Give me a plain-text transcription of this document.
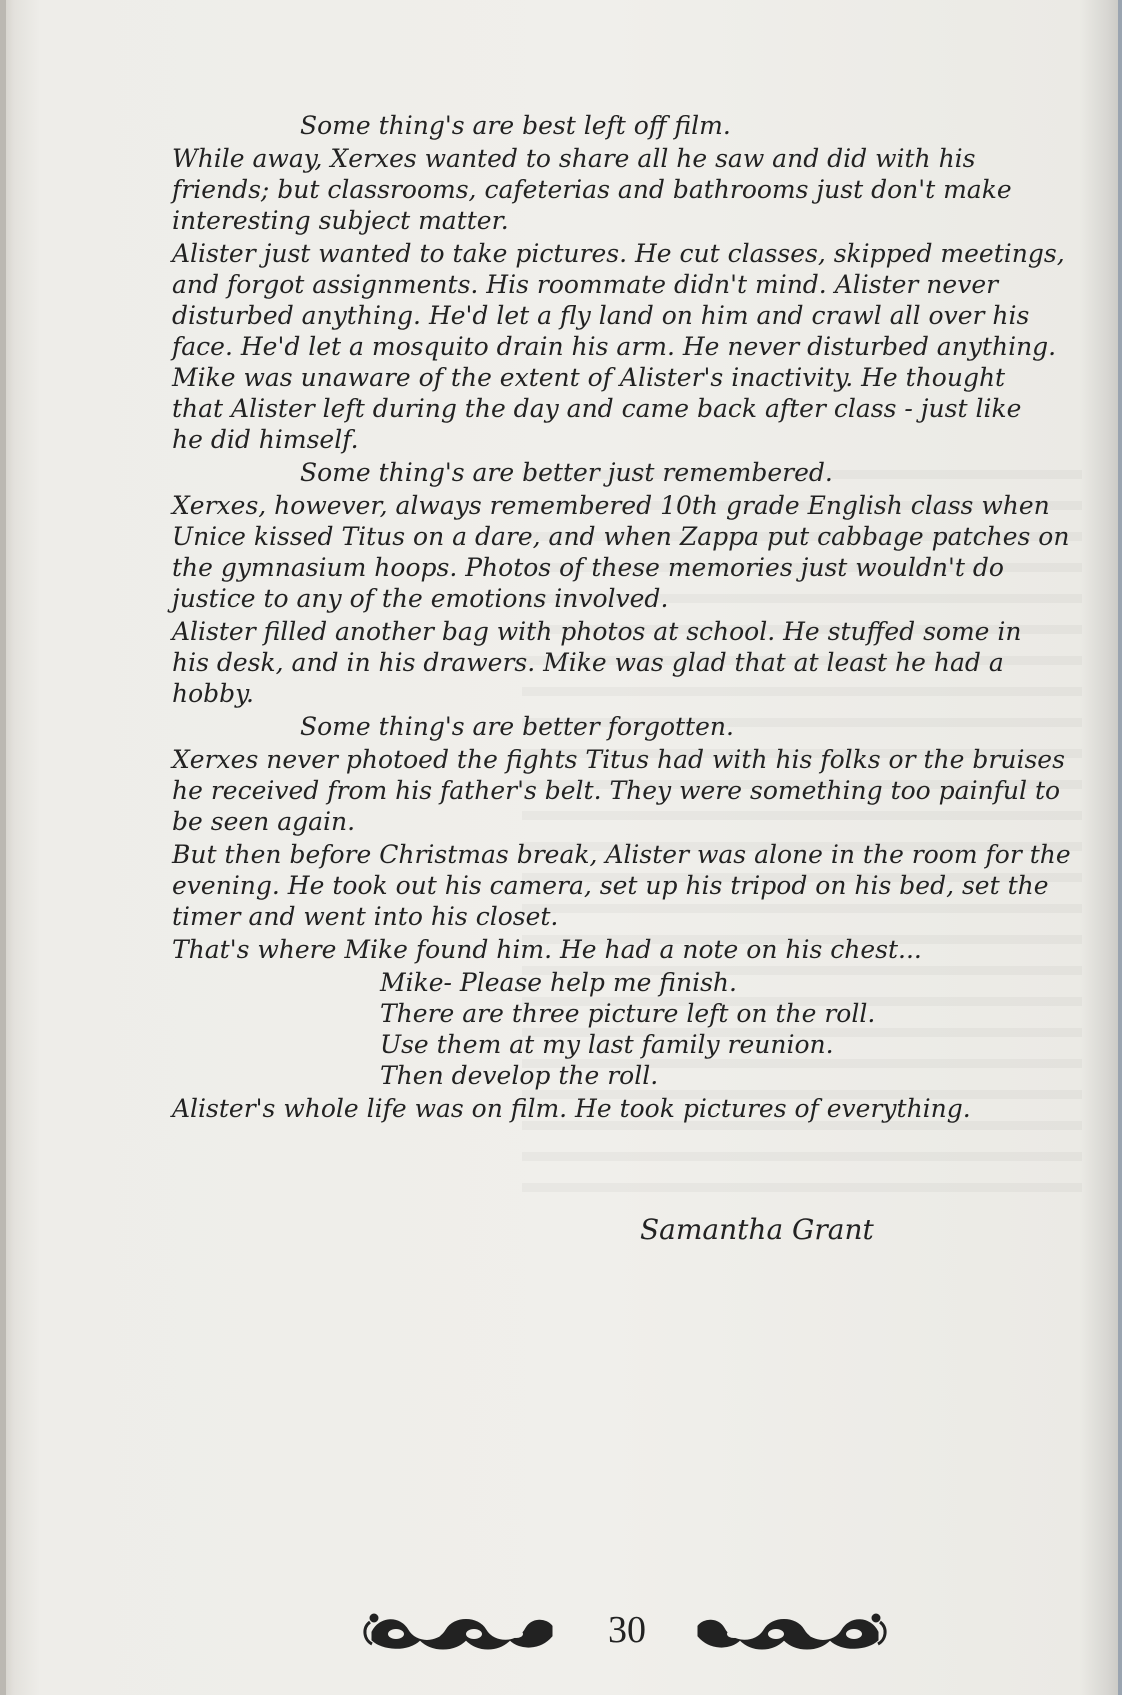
Some thing's are best left off film.
While away, Xerxes wanted to share all he saw and did with his
friends; but classrooms, cafeterias and bathrooms just don't make
interesting subject matter.
Alister just wanted to take pictures. He cut classes, skipped meetings,
and forgot assignments. His roommate didn't mind. Alister never
disturbed anything. He'd let a fly land on him and crawl all over his
face. He'd let a mosquito drain his arm. He never disturbed anything.
Mike was unaware of the extent of Alister's inactivity. He thought
that Alister left during the day and came back after class - just like
he did himself.
Some thing's are better just remembered.
Xerxes, however, always remembered 10th grade English class when
Unice kissed Titus on a dare, and when Zappa put cabbage patches on
the gymnasium hoops. Photos of these memories just wouldn't do
justice to any of the emotions involved.
Alister filled another bag with photos at school. He stuffed some in
his desk, and in his drawers. Mike was glad that at least he had a
hobby.
Some thing's are better forgotten.
Xerxes never photoed the fights Titus had with his folks or the bruises
he received from his father's belt. They were something too painful to
be seen again.
But then before Christmas break, Alister was alone in the room for the
evening. He took out his camera, set up his tripod on his bed, set the
timer and went into his closet.
That's where Mike found him. He had a note on his chest...
Mike- Please help me finish.
There are three picture left on the roll.
Use them at my last family reunion.
Then develop the roll.
Alister's whole life was on film. He took pictures of everything.
Samantha Grant
30
